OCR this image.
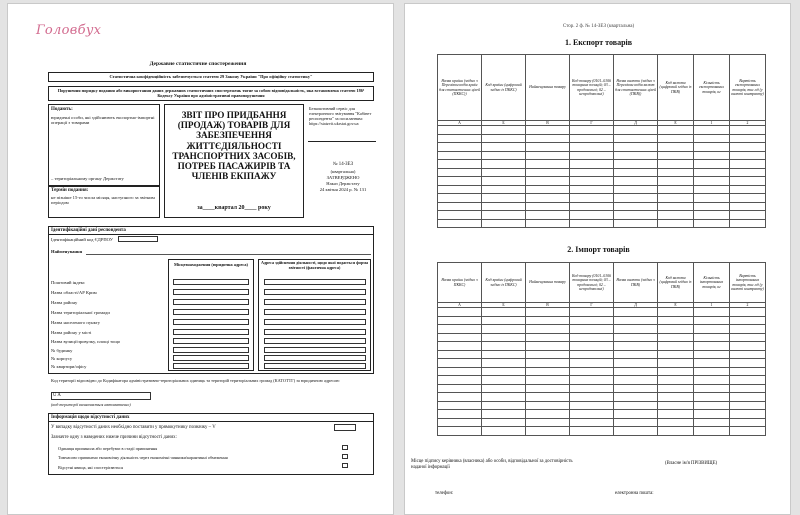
Головбух
Державне статистичне спостереження
Статистична конфіденційність забезпечується статтею 29 Закону України "Про офіційну статистику"
Порушення порядку подання або використання даних державних статистичних спостережень тягне за собою відповідальність, яка встановлена статтею 186³ Кодексу України про адміністративні правопорушення
Подають:
юридичні особи, які здійснюють експортно-імпортні операції з товарами
– територіальному органу Держстату
Термін подання:
не пізніше 15-го числа місяця, наступного за звітним періодом
ЗВІТ ПРО ПРИДБАННЯ (ПРОДАЖ) ТОВАРІВ ДЛЯ ЗАБЕЗПЕЧЕННЯ ЖИТТЄДІЯЛЬНОСТІ ТРАНСПОРТНИХ ЗАСОБІВ, ПОТРЕБ ПАСАЖИРІВ ТА ЧЛЕНІВ ЕКІПАЖУ
за____квартал 20____ року
Безкоштовний сервіс для електронного звітування "Кабінет респондента" за посиланням: https://statzvit.ukrstat.gov.ua
№ 14-ЗЕЗ
(квартальна)
ЗАТВЕРДЖЕНО
Наказ Держстату
24 квітня 2024 р. № 131
Ідентифікаційні дані респондента
Ідентифікаційний код ЄДРПОУ
Найменування
Місцезнаходження (юридична адреса)	Адреса здійснення діяльності, щодо якої подається форма звітності (фактична адреса)
Поштовий індекс
Назва області/АР Крим
Назва району
Назва територіальної громади
Назва населеного пункту
Назва району у місті
Назва вулиці/провулку, площі тощо
№ будинку
№ корпусу
№ квартири/офісу
Код території відповідно до Кодифікатора адміністративно-територіальних одиниць та територій територіальних громад (КАТОТТГ) за юридичною адресою
U A
(код території визначається автоматично)
Інформація щодо відсутності даних
У випадку відсутності даних необхідно поставити у прямокутнику позначку – V
Зазначте одну з наведених нижче причини відсутності даних:
Одиниця припинила або перебуває в стадії припинення
Тимчасово припинено економічну діяльність через економічні чинники/карантинні обмеження
Відсутні явища, які спостерігаються
Стор. 2 ф. № 14-ЗЕЗ (квартальна)
1. Експорт товарів
Назва країни (згідно з Переліком кодів країн для статистичних цілей (ПККС))	Код країни (цифровий згідно із ПККС)	Найменування товару	Код товару (0101–0106 товарних позицій; 03 – продовольчі; 02 – непродовольчі)	Назва валюти (згідно з Переліком кодів валют для статистичних цілей (ПКВ))	Код валюти (цифровий згідно із ПКВ)	Кількість експортованих товарів, кг	Вартість експортованих товарів, тис.од (у валюті контракту)
А	Б	В	Г	Д	Е	1	2

2. Імпорт товарів
Назва країни (згідно з ПККС)	Код країни (цифровий згідно із ПККС)	Найменування товару	Код товару (0101–0106 товарних позицій; 03 – продовольчі; 02 – непродовольчі)	Назва валюти (згідно з ПКВ)	Код валюти (цифровий згідно із ПКВ)	Кількість імпортованих товарів, кг	Вартість імпортованих товарів, тис.од (у валюті контракту)
А	Б	В	Г	Д	Е	1	2

Місце підпису керівника (власника) або особи, відповідальної за достовірність наданої інформації
(Власне ім'я ПРІЗВИЩЕ)
телефон:	електронна пошта:
